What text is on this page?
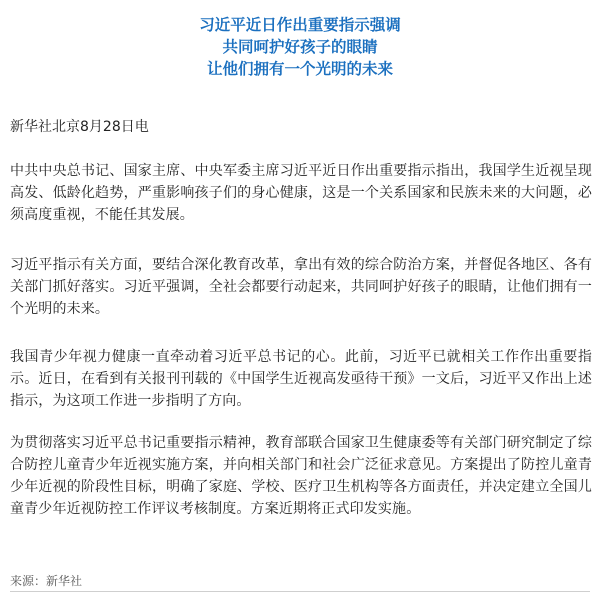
习近平近日作出重要指示强调
共同呵护好孩子的眼睛
让他们拥有一个光明的未来

新华社北京8月28日电

中共中央总书记、国家主席、中央军委主席习近平近日作出重要指示指出，我国学生近视呈现高发、低龄化趋势，严重影响孩子们的身心健康，这是一个关系国家和民族未来的大问题，必须高度重视，不能任其发展。

习近平指示有关方面，要结合深化教育改革，拿出有效的综合防治方案，并督促各地区、各有关部门抓好落实。习近平强调，全社会都要行动起来，共同呵护好孩子的眼睛，让他们拥有一个光明的未来。

我国青少年视力健康一直牵动着习近平总书记的心。此前，习近平已就相关工作作出重要指示。近日，在看到有关报刊刊载的《中国学生近视高发亟待干预》一文后，习近平又作出上述指示，为这项工作进一步指明了方向。

为贯彻落实习近平总书记重要指示精神，教育部联合国家卫生健康委等有关部门研究制定了综合防控儿童青少年近视实施方案，并向相关部门和社会广泛征求意见。方案提出了防控儿童青少年近视的阶段性目标，明确了家庭、学校、医疗卫生机构等各方面责任，并决定建立全国儿童青少年近视防控工作评议考核制度。方案近期将正式印发实施。

来源：新华社
